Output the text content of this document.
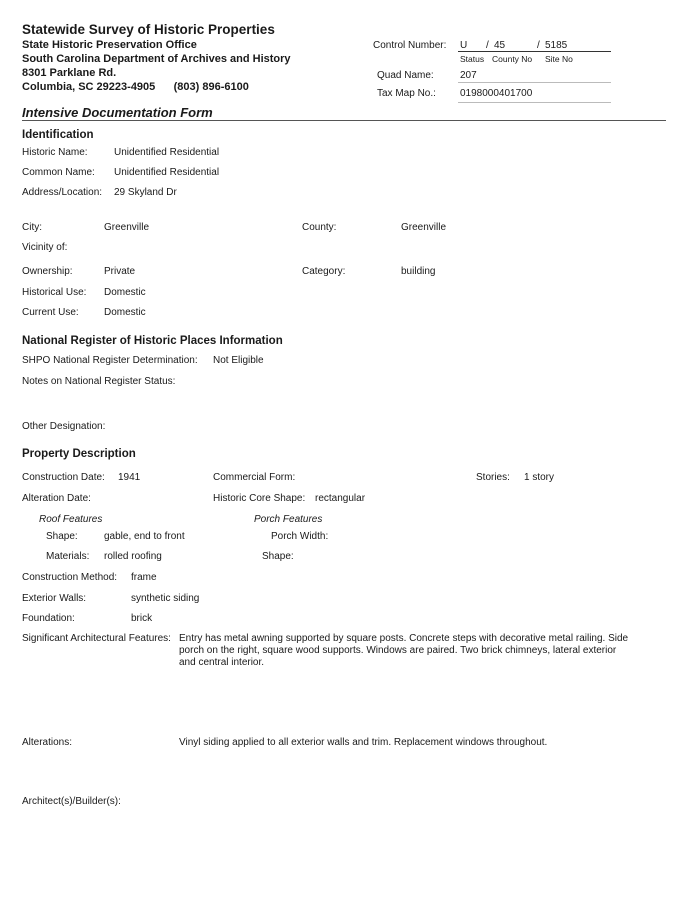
Statewide Survey of Historic Properties
State Historic Preservation Office
South Carolina Department of Archives and History
8301 Parklane Rd.
Columbia, SC 29223-4905      (803) 896-6100
Control Number: U / 45	/ 5185
Status County No Site No
Quad Name:	207
Tax Map No.: 0198000401700
Intensive Documentation Form
Identification
Historic Name:	Unidentified Residential
Common Name: Unidentified Residential
Address/Location: 29 Skyland Dr
City:	Greenville	County:	Greenville
Vicinity of:
Ownership:	Private	Category:	building
Historical Use: Domestic
Current Use:	Domestic
National Register of Historic Places Information
SHPO National Register Determination: Not Eligible
Notes on National Register Status:
Other Designation:
Property Description
Construction Date: 1941	Commercial Form:	Stories: 1 story
Alteration Date:	Historic Core Shape: rectangular
Roof Features	Porch Features
Shape:	gable, end to front	Porch Width:
Materials: rolled roofing	Shape:
Construction Method: frame
Exterior Walls:	synthetic siding
Foundation:	brick
Significant Architectural Features: Entry has metal awning supported by square posts. Concrete steps with decorative metal railing. Side porch on the right, square wood supports. Windows are paired. Two brick chimneys, lateral exterior and central interior.
Alterations:	Vinyl siding applied to all exterior walls and trim. Replacement windows throughout.
Architect(s)/Builder(s):
